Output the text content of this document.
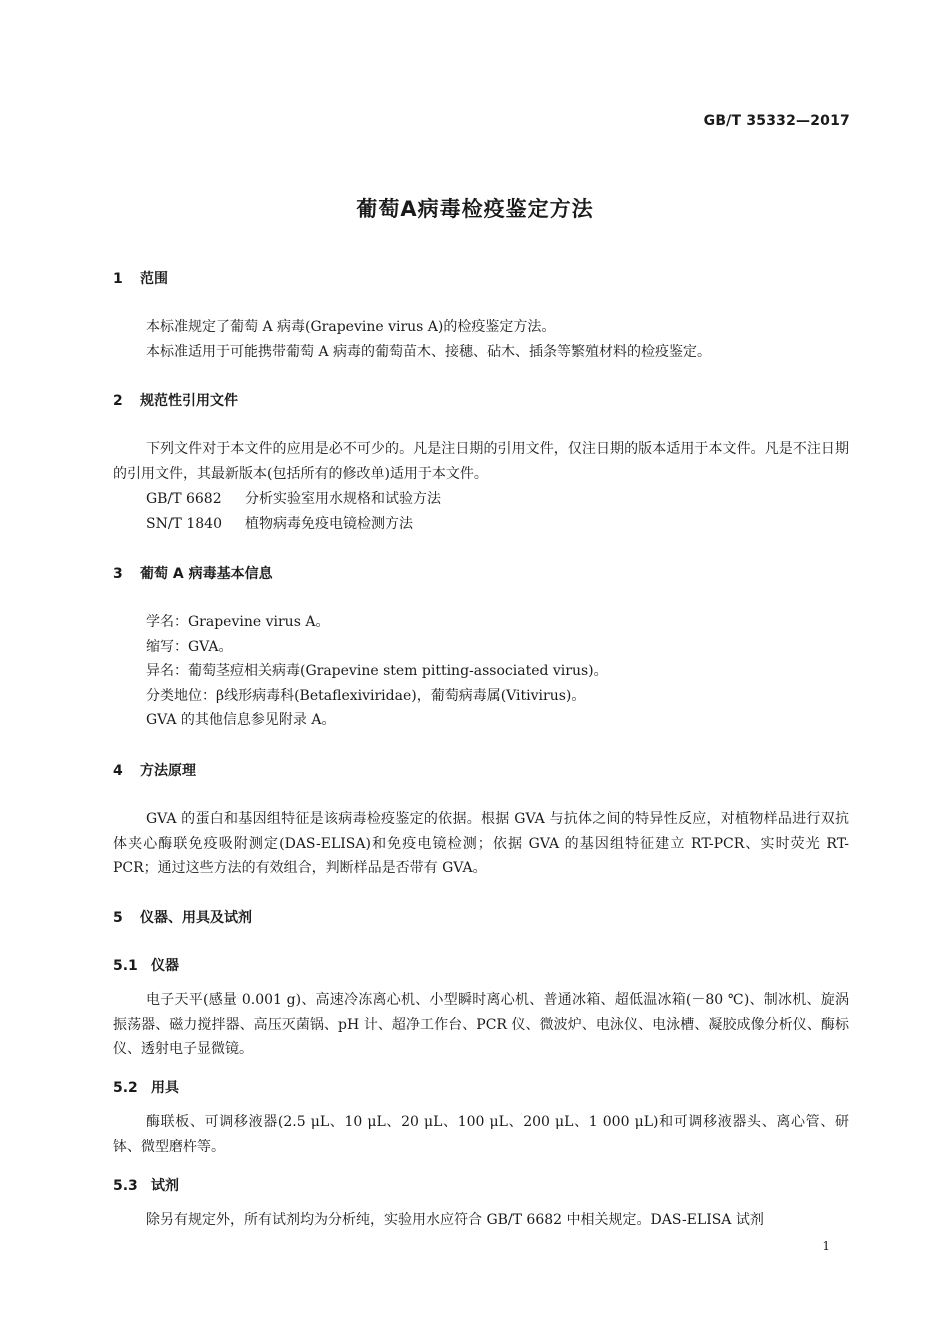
GB/T 35332—2017
葡萄A病毒检疫鉴定方法
1 范围
本标准规定了葡萄 A 病毒(Grapevine virus A)的检疫鉴定方法。
本标准适用于可能携带葡萄 A 病毒的葡萄苗木、接穗、砧木、插条等繁殖材料的检疫鉴定。
2 规范性引用文件
下列文件对于本文件的应用是必不可少的。凡是注日期的引用文件，仅注日期的版本适用于本文件。凡是不注日期的引用文件，其最新版本(包括所有的修改单)适用于本文件。
GB/T 6682 分析实验室用水规格和试验方法
SN/T 1840 植物病毒免疫电镜检测方法
3 葡萄 A 病毒基本信息
学名：Grapevine virus A。
缩写：GVA。
异名：葡萄茎痘相关病毒(Grapevine stem pitting-associated virus)。
分类地位：β线形病毒科(Betaflexiviridae)，葡萄病毒属(Vitivirus)。
GVA 的其他信息参见附录 A。
4 方法原理
GVA 的蛋白和基因组特征是该病毒检疫鉴定的依据。根据 GVA 与抗体之间的特异性反应，对植物样品进行双抗体夹心酶联免疫吸附测定(DAS-ELISA)和免疫电镜检测；依据 GVA 的基因组特征建立 RT-PCR、实时荧光 RT-PCR；通过这些方法的有效组合，判断样品是否带有 GVA。
5 仪器、用具及试剂
5.1 仪器
电子天平(感量 0.001 g)、高速冷冻离心机、小型瞬时离心机、普通冰箱、超低温冰箱(－80 ℃)、制冰机、旋涡振荡器、磁力搅拌器、高压灭菌锅、pH 计、超净工作台、PCR 仪、微波炉、电泳仪、电泳槽、凝胶成像分析仪、酶标仪、透射电子显微镜。
5.2 用具
酶联板、可调移液器(2.5 μL、10 μL、20 μL、100 μL、200 μL、1 000 μL)和可调移液器头、离心管、研钵、微型磨杵等。
5.3 试剂
除另有规定外，所有试剂均为分析纯，实验用水应符合 GB/T 6682 中相关规定。DAS-ELISA 试剂
1
